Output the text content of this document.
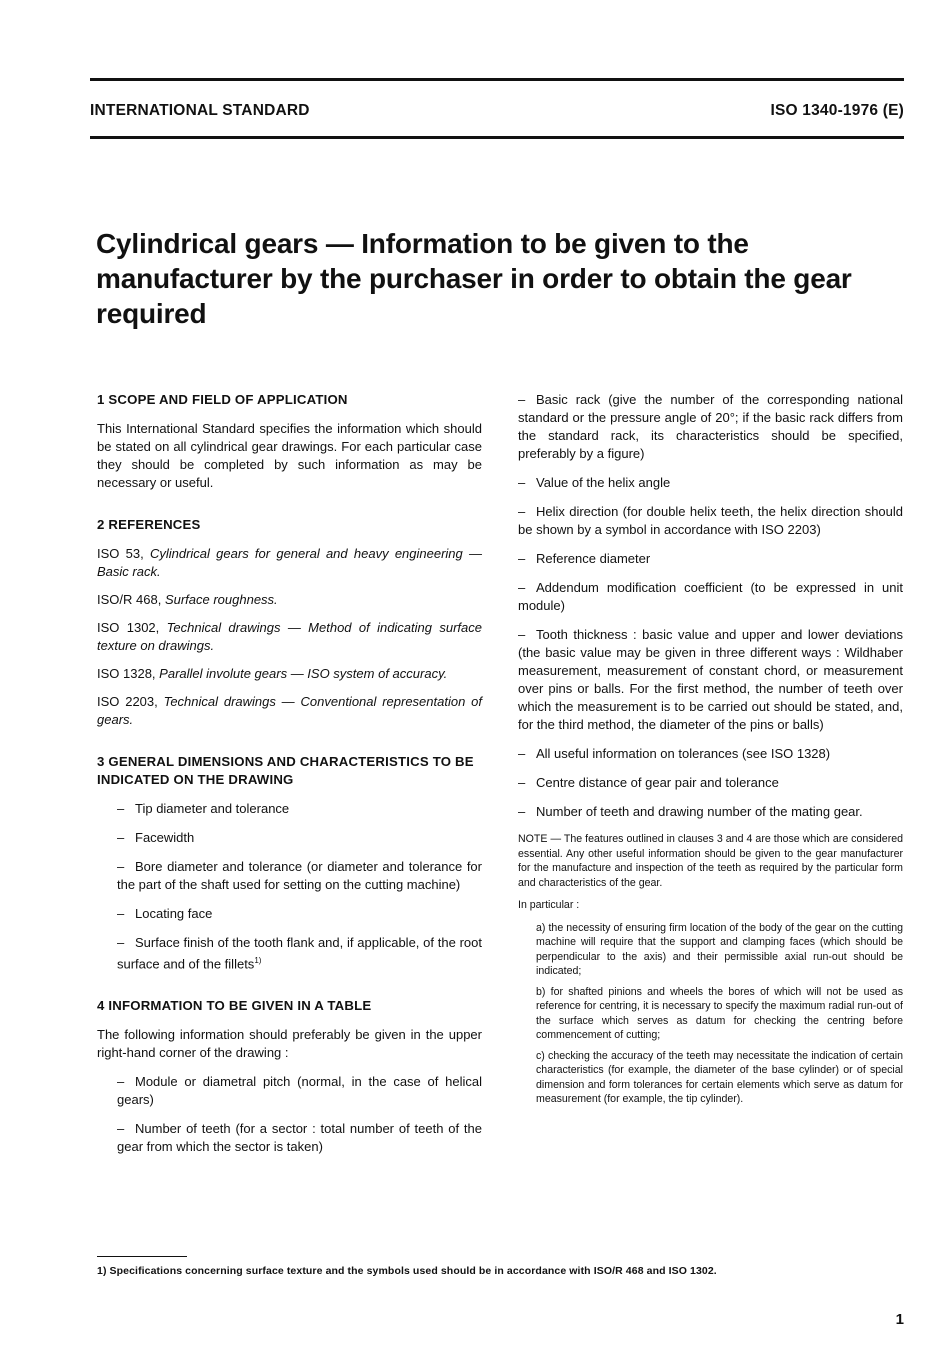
INTERNATIONAL STANDARD	ISO 1340-1976 (E)
Cylindrical gears — Information to be given to the manufacturer by the purchaser in order to obtain the gear required
1 SCOPE AND FIELD OF APPLICATION

This International Standard specifies the information which should be stated on all cylindrical gear drawings. For each particular case they should be completed by such information as may be necessary or useful.

2 REFERENCES

ISO 53, Cylindrical gears for general and heavy engineering — Basic rack.

ISO/R 468, Surface roughness.

ISO 1302, Technical drawings — Method of indicating surface texture on drawings.

ISO 1328, Parallel involute gears — ISO system of accuracy.

ISO 2203, Technical drawings — Conventional representation of gears.

3 GENERAL DIMENSIONS AND CHARACTERISTICS TO BE INDICATED ON THE DRAWING

– Tip diameter and tolerance

– Facewidth

– Bore diameter and tolerance (or diameter and tolerance for the part of the shaft used for setting on the cutting machine)

– Locating face

– Surface finish of the tooth flank and, if applicable, of the root surface and of the fillets$^{1)}$

4 INFORMATION TO BE GIVEN IN A TABLE

The following information should preferably be given in the upper right-hand corner of the drawing :

– Module or diametral pitch (normal, in the case of helical gears)

– Number of teeth (for a sector : total number of teeth of the gear from which the sector is taken)

– Basic rack (give the number of the corresponding national standard or the pressure angle of 20°; if the basic rack differs from the standard rack, its characteristics should be specified, preferably by a figure)

– Value of the helix angle

– Helix direction (for double helix teeth, the helix direction should be shown by a symbol in accordance with ISO 2203)

– Reference diameter

– Addendum modification coefficient (to be expressed in unit module)

– Tooth thickness : basic value and upper and lower deviations (the basic value may be given in three different ways : Wildhaber measurement, measurement of constant chord, or measurement over pins or balls. For the first method, the number of teeth over which the measurement is to be carried out should be stated, and, for the third method, the diameter of the pins or balls)

– All useful information on tolerances (see ISO 1328)

– Centre distance of gear pair and tolerance

– Number of teeth and drawing number of the mating gear.

NOTE — The features outlined in clauses 3 and 4 are those which are considered essential. Any other useful information should be given to the gear manufacturer for the manufacture and inspection of the teeth as required by the particular form and characteristics of the gear.

In particular :

a) the necessity of ensuring firm location of the body of the gear on the cutting machine will require that the support and clamping faces (which should be perpendicular to the axis) and their permissible axial run-out should be indicated;

b) for shafted pinions and wheels the bores of which will not be used as reference for centring, it is necessary to specify the maximum radial run-out of the surface which serves as datum for checking the centring before commencement of cutting;

c) checking the accuracy of the teeth may necessitate the indication of certain characteristics (for example, the diameter of the base cylinder) or of special dimension and form tolerances for certain elements which serve as datum for measurement (for example, the tip cylinder).

1) Specifications concerning surface texture and the symbols used should be in accordance with ISO/R 468 and ISO 1302.
1
